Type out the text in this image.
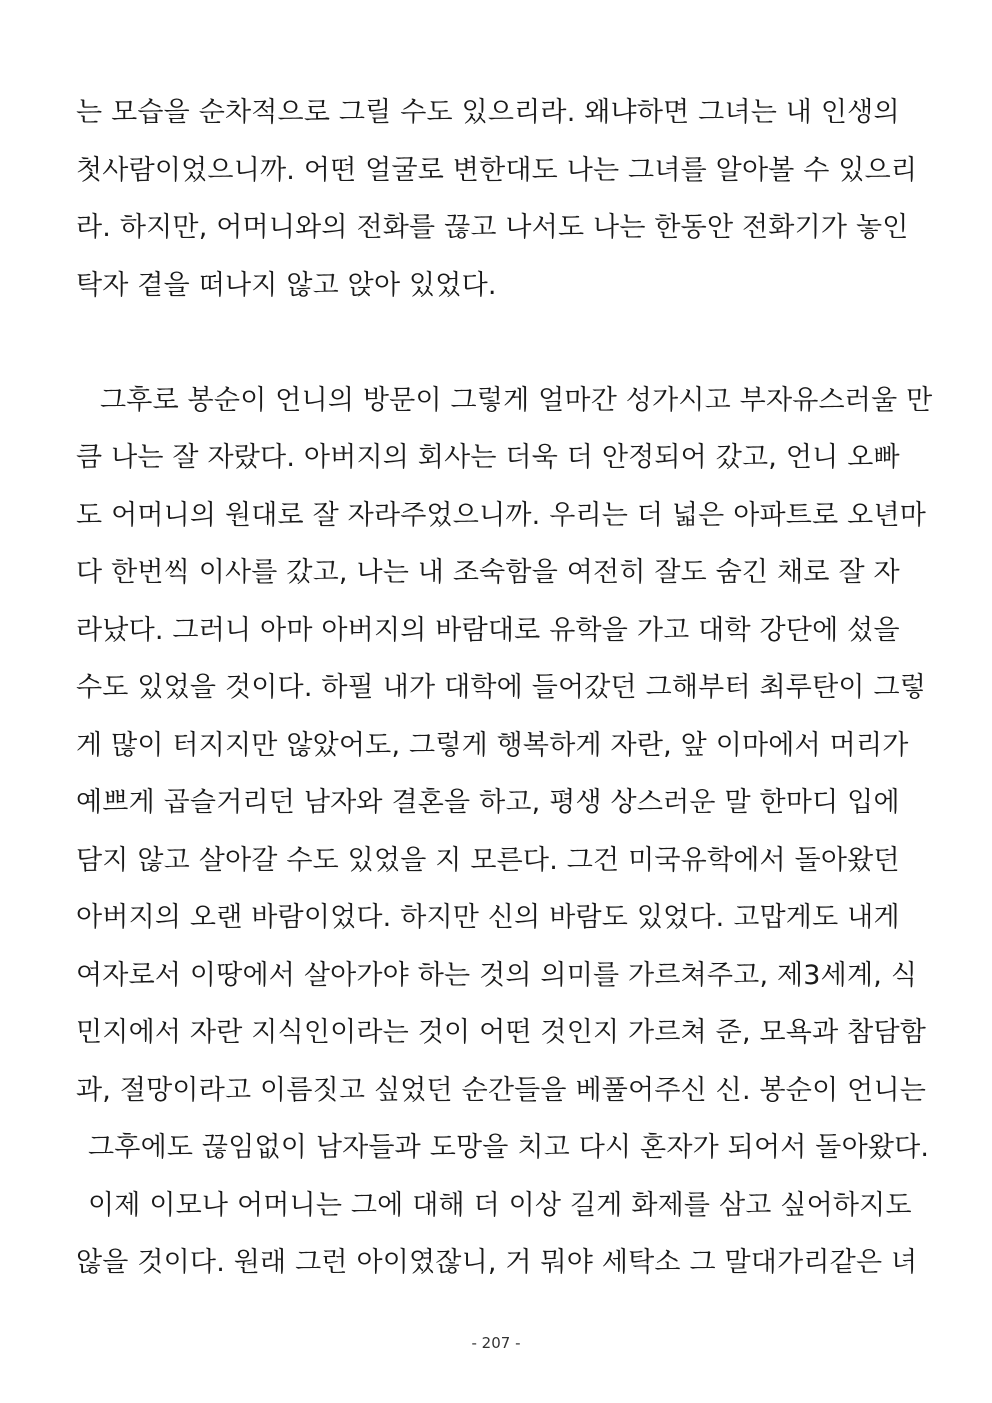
는 모습을 순차적으로 그릴 수도 있으리라. 왜냐하면 그녀는 내 인생의
첫사람이었으니까. 어떤 얼굴로 변한대도 나는 그녀를 알아볼 수 있으리
라. 하지만, 어머니와의 전화를 끊고 나서도 나는 한동안 전화기가 놓인
탁자 곁을 떠나지 않고 앉아 있었다.
그후로 봉순이 언니의 방문이 그렇게 얼마간 성가시고 부자유스러울 만
큼 나는 잘 자랐다. 아버지의 회사는 더욱 더 안정되어 갔고, 언니 오빠
도 어머니의 원대로 잘 자라주었으니까. 우리는 더 넓은 아파트로 오년마
다 한번씩 이사를 갔고, 나는 내 조숙함을 여전히 잘도 숨긴 채로 잘 자
라났다. 그러니 아마 아버지의 바람대로 유학을 가고 대학 강단에 섰을
수도 있었을 것이다. 하필 내가 대학에 들어갔던 그해부터 최루탄이 그렇
게 많이 터지지만 않았어도, 그렇게 행복하게 자란, 앞 이마에서 머리가
예쁘게 곱슬거리던 남자와 결혼을 하고, 평생 상스러운 말 한마디 입에
담지 않고 살아갈 수도 있었을 지 모른다. 그건 미국유학에서 돌아왔던
아버지의 오랜 바람이었다. 하지만 신의 바람도 있었다. 고맙게도 내게
여자로서 이땅에서 살아가야 하는 것의 의미를 가르쳐주고, 제3세계, 식
민지에서 자란 지식인이라는 것이 어떤 것인지 가르쳐 준, 모욕과 참담함
과, 절망이라고 이름짓고 싶었던 순간들을 베풀어주신 신. 봉순이 언니는
그후에도 끊임없이 남자들과 도망을 치고 다시 혼자가 되어서 돌아왔다.
이제 이모나 어머니는 그에 대해 더 이상 길게 화제를 삼고 싶어하지도
않을 것이다. 원래 그런 아이였잖니, 거 뭐야 세탁소 그 말대가리같은 녀
- 207 -
